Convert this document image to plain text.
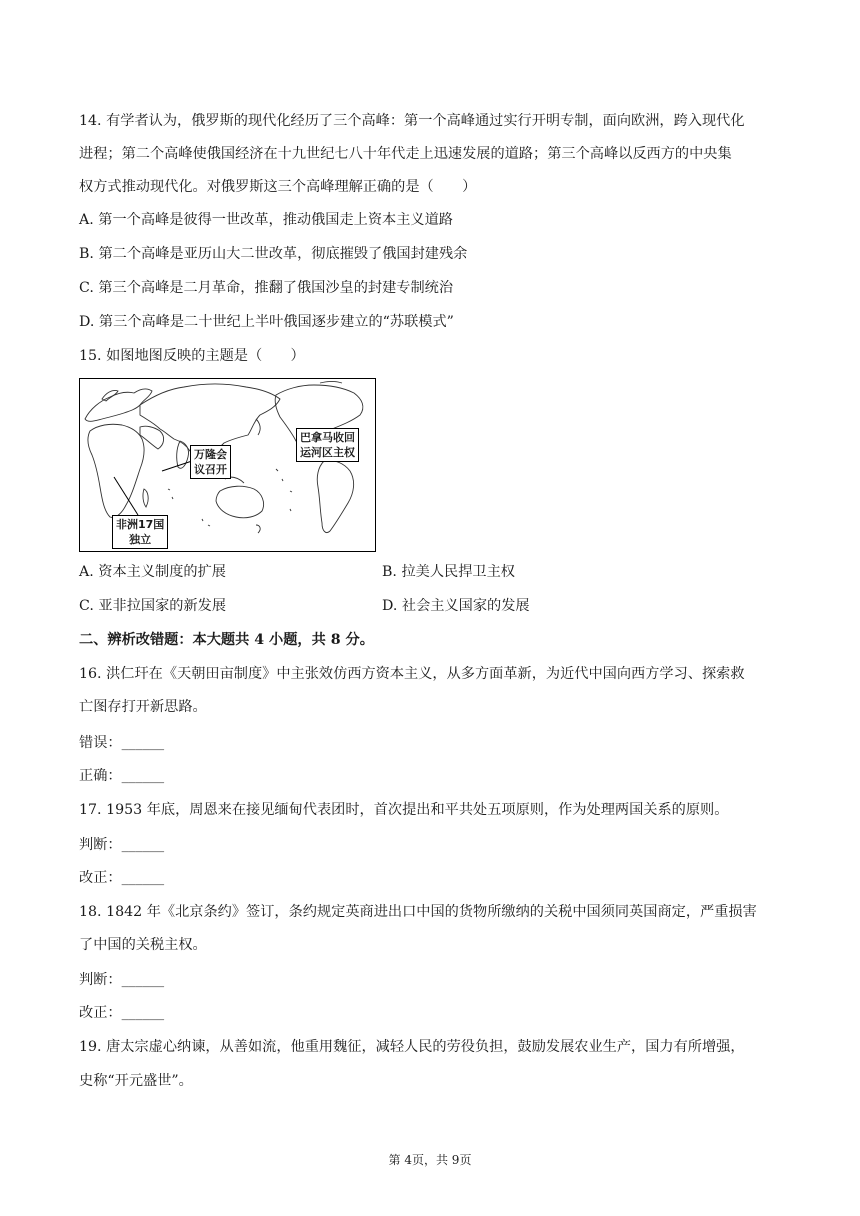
14. 有学者认为，俄罗斯的现代化经历了三个高峰：第一个高峰通过实行开明专制，面向欧洲，跨入现代化
进程；第二个高峰使俄国经济在十九世纪七八十年代走上迅速发展的道路；第三个高峰以反西方的中央集
权方式推动现代化。对俄罗斯这三个高峰理解正确的是（　　）
A. 第一个高峰是彼得一世改革，推动俄国走上资本主义道路
B. 第二个高峰是亚历山大二世改革，彻底摧毁了俄国封建残余
C. 第三个高峰是二月革命，推翻了俄国沙皇的封建专制统治
D. 第三个高峰是二十世纪上半叶俄国逐步建立的“苏联模式”
15. 如图地图反映的主题是（　　）
万隆会
议召开
巴拿马收回
运河区主权
非洲17国
独立
A. 资本主义制度的扩展	B. 拉美人民捍卫主权
C. 亚非拉国家的新发展	D. 社会主义国家的发展
二、辨析改错题：本大题共 4 小题，共 8 分。
16. 洪仁玕在《天朝田亩制度》中主张效仿西方资本主义，从多方面革新，为近代中国向西方学习、探索救
亡图存打开新思路。
错误：______
正确：______
17. 1953 年底，周恩来在接见缅甸代表团时，首次提出和平共处五项原则，作为处理两国关系的原则。
判断：______
改正：______
18. 1842 年《北京条约》签订，条约规定英商进出口中国的货物所缴纳的关税中国须同英国商定，严重损害
了中国的关税主权。
判断：______
改正：______
19. 唐太宗虚心纳谏，从善如流，他重用魏征，减轻人民的劳役负担，鼓励发展农业生产，国力有所增强，
史称“开元盛世”。
第 4页，共 9页
